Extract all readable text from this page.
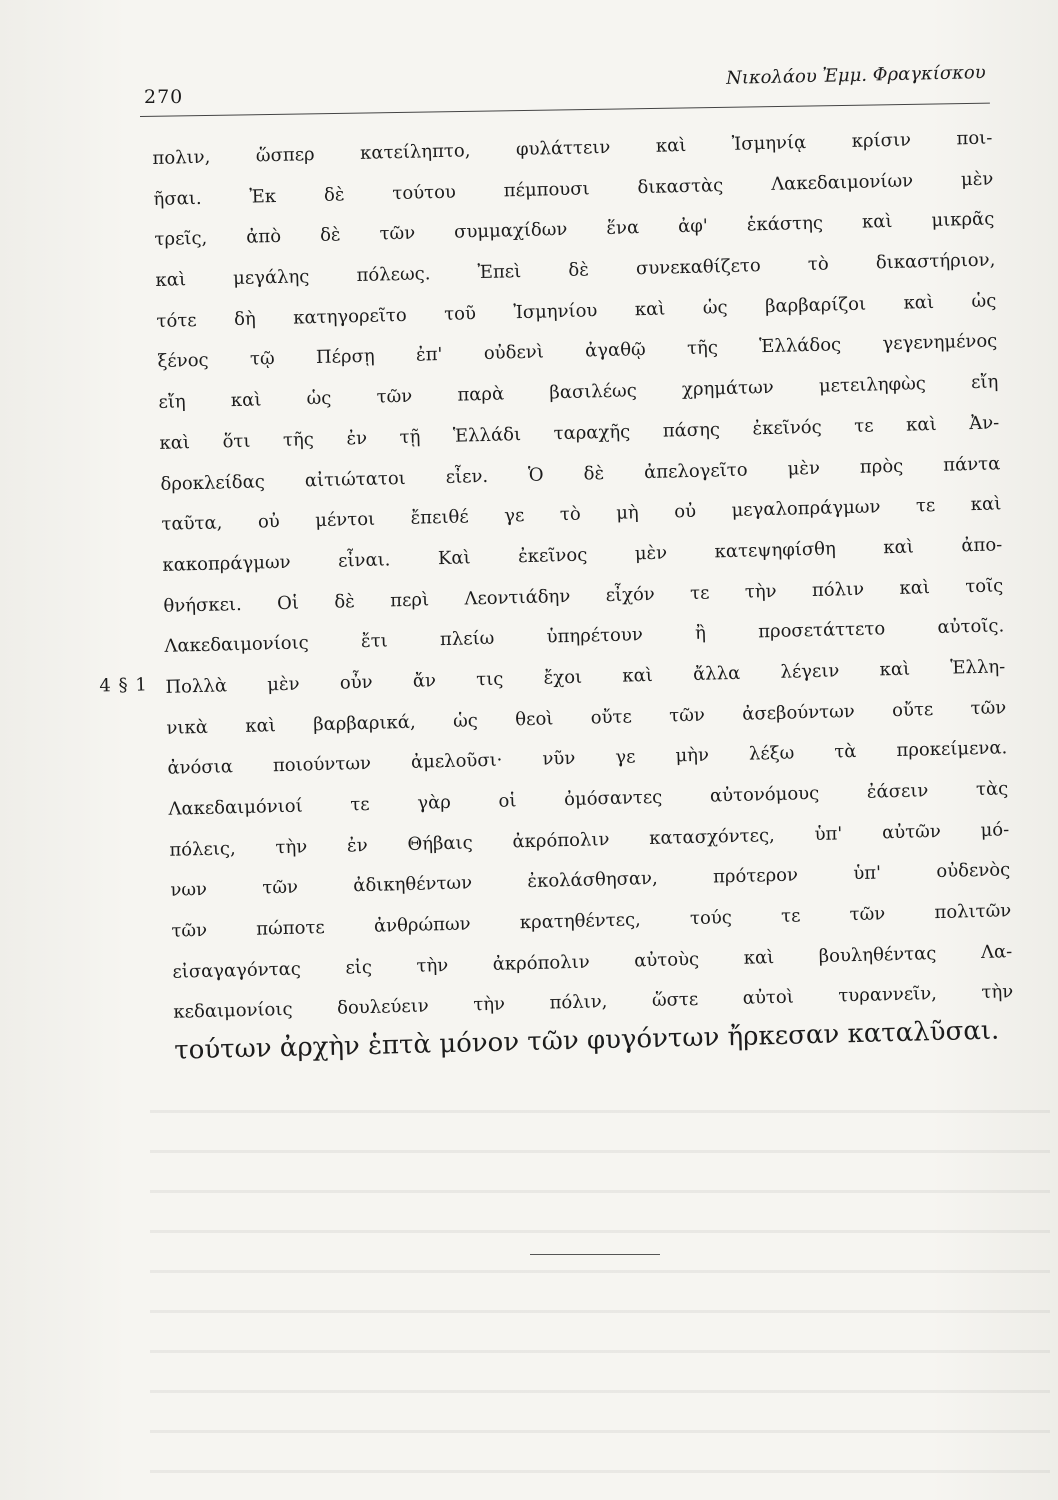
270
Νικολάου Ἐμμ. Φραγκίσκου
πολιν, ὥσπερ κατείληπτο, φυλάττειν καὶ Ἰσμηνίᾳ κρίσιν ποι-
ῆσαι. Ἐκ δὲ τούτου πέμπουσι δικαστὰς Λακεδαιμονίων μὲν
τρεῖς, ἀπὸ δὲ τῶν συμμαχίδων ἕνα ἀφ' ἑκάστης καὶ μικρᾶς
καὶ μεγάλης πόλεως. Ἐπεὶ δὲ συνεκαθίζετο τὸ δικαστήριον,
τότε δὴ κατηγορεῖτο τοῦ Ἰσμηνίου καὶ ὡς βαρβαρίζοι καὶ ὡς
ξένος τῷ Πέρσῃ ἐπ' οὐδενὶ ἀγαθῷ τῆς Ἑλλάδος γεγενημένος
εἴη καὶ ὡς τῶν παρὰ βασιλέως χρημάτων μετειληφὼς εἴη
καὶ ὅτι τῆς ἐν τῇ Ἑλλάδι ταραχῆς πάσης ἐκεῖνός τε καὶ Ἀν-
δροκλείδας αἰτιώτατοι εἶεν. Ὁ δὲ ἀπελογεῖτο μὲν πρὸς πάντα
ταῦτα, οὐ μέντοι ἔπειθέ γε τὸ μὴ οὐ μεγαλοπράγμων τε καὶ
κακοπράγμων εἶναι. Καὶ ἐκεῖνος μὲν κατεψηφίσθη καὶ ἀπο-
θνήσκει. Οἱ δὲ περὶ Λεοντιάδην εἶχόν τε τὴν πόλιν καὶ τοῖς
Λακεδαιμονίοις ἔτι πλείω ὑπηρέτουν ἢ προσετάττετο αὐτοῖς.
4 § 1 Πολλὰ μὲν οὖν ἄν τις ἔχοι καὶ ἄλλα λέγειν καὶ Ἑλλη-
νικὰ καὶ βαρβαρικά, ὡς θεοὶ οὔτε τῶν ἀσεβούντων οὔτε τῶν
ἀνόσια ποιούντων ἀμελοῦσι· νῦν γε μὴν λέξω τὰ προκείμενα.
Λακεδαιμόνιοί τε γὰρ οἱ ὀμόσαντες αὐτονόμους ἐάσειν τὰς
πόλεις, τὴν ἐν Θήβαις ἀκρόπολιν κατασχόντες, ὑπ' αὐτῶν μό-
νων τῶν ἀδικηθέντων ἐκολάσθησαν, πρότερον ὑπ' οὐδενὸς
τῶν πώποτε ἀνθρώπων κρατηθέντες, τούς τε τῶν πολιτῶν
εἰσαγαγόντας εἰς τὴν ἀκρόπολιν αὐτοὺς καὶ βουληθέντας Λα-
κεδαιμονίοις δουλεύειν τὴν πόλιν, ὥστε αὐτοὶ τυραννεῖν, τὴν
τούτων ἀρχὴν ἑπτὰ μόνον τῶν φυγόντων ἤρκεσαν καταλῦσαι.
